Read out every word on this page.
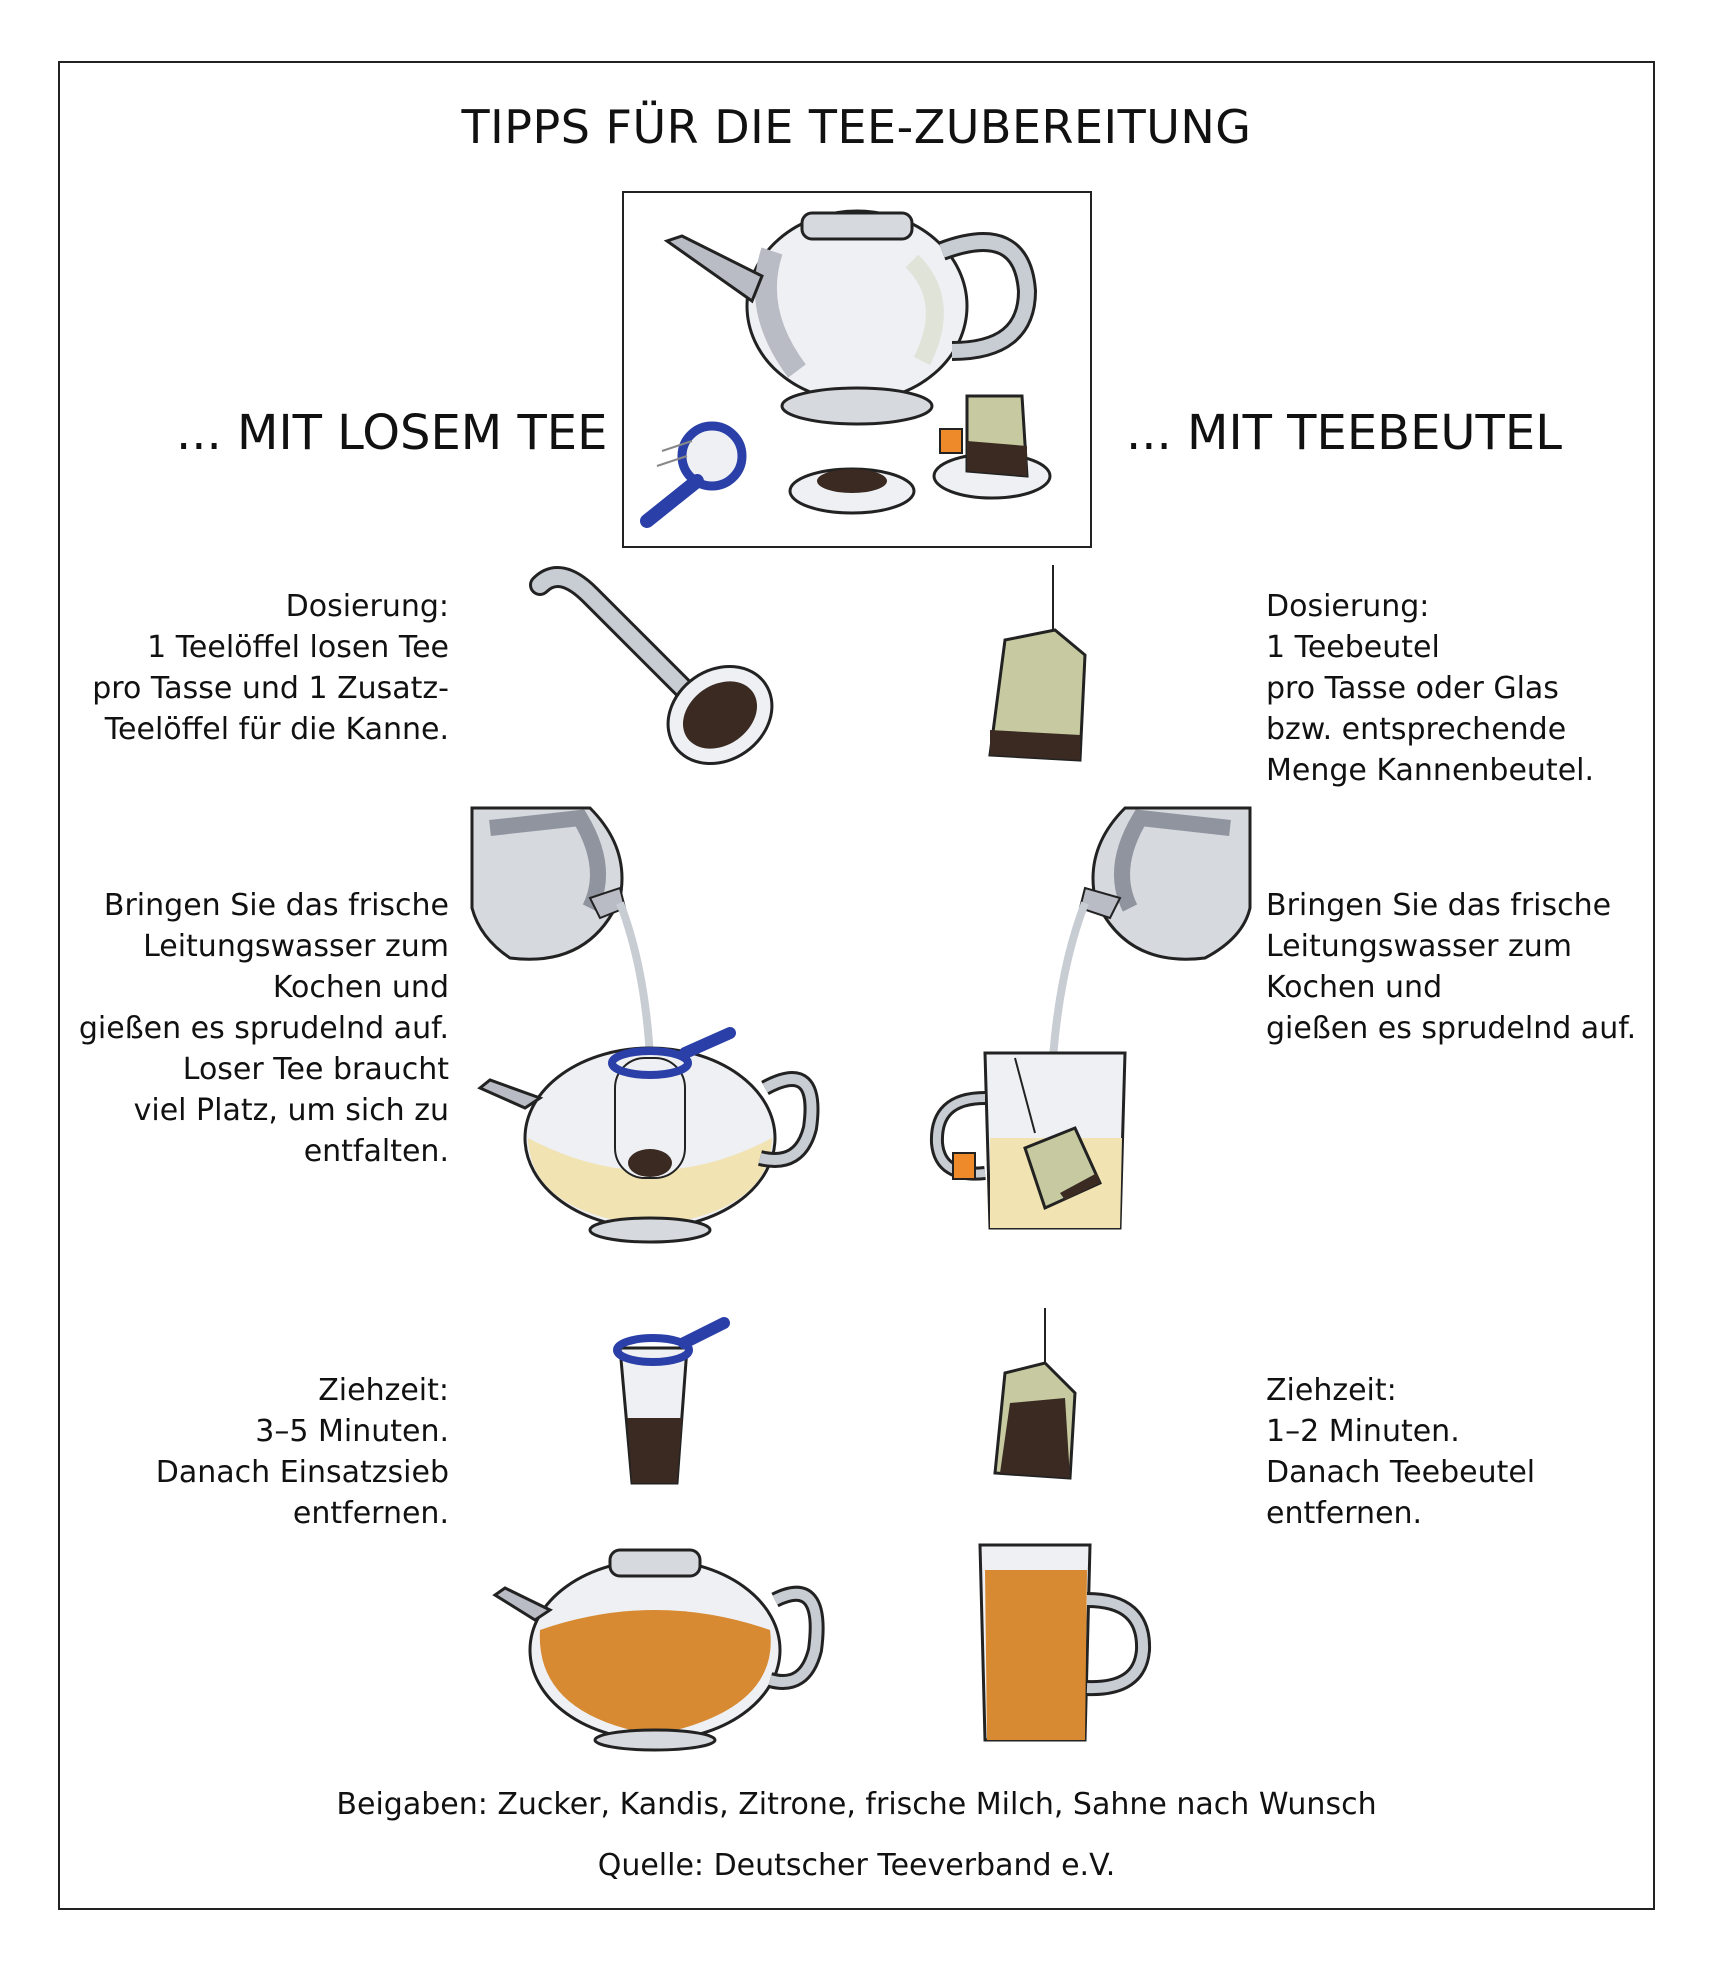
TIPPS FÜR DIE TEE-ZUBEREITUNG
... MIT LOSEM TEE	... MIT TEEBEUTEL
Dosierung:
1 Teelöffel losen Tee
pro Tasse und 1 Zusatz-
Teelöffel für die Kanne.
Dosierung:
1 Teebeutel
pro Tasse oder Glas
bzw. entsprechende
Menge Kannenbeutel.
Bringen Sie das frische
Leitungswasser zum
Kochen und
gießen es sprudelnd auf.
Loser Tee braucht
viel Platz, um sich zu
entfalten.
Bringen Sie das frische
Leitungswasser zum
Kochen und
gießen es sprudelnd auf.
Ziehzeit:
3–5 Minuten.
Danach Einsatzsieb
entfernen.
Ziehzeit:
1–2 Minuten.
Danach Teebeutel
entfernen.
Beigaben: Zucker, Kandis, Zitrone, frische Milch, Sahne nach Wunsch
Quelle: Deutscher Teeverband e.V.
